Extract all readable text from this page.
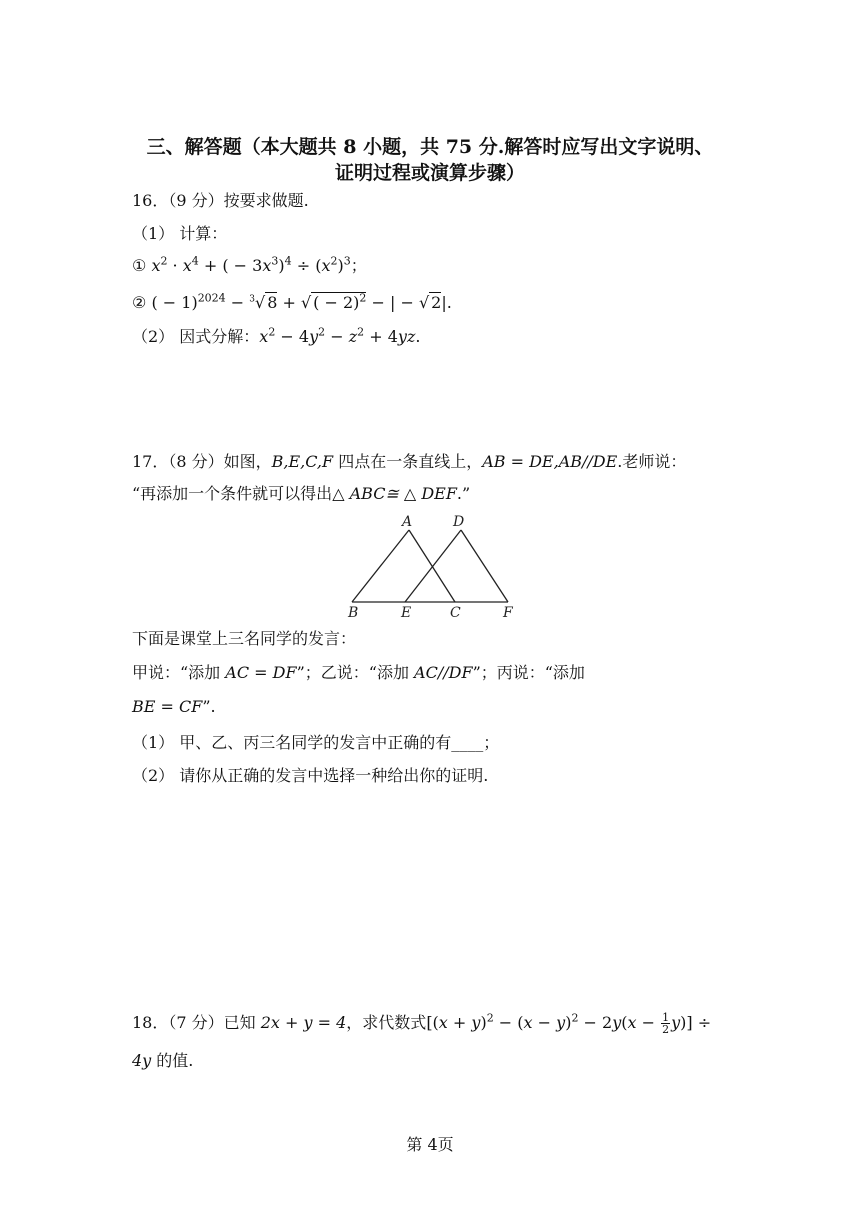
三、解答题（本大题共 8 小题，共 75 分.解答时应写出文字说明、
证明过程或演算步骤）
16．（9 分）按要求做题.
（1） 计算：
① $x^2 \cdot x^4$ + ( − $3x^3)^4 \div (x^2)^3$；
② ( − 1)$^{2024}$ − $^3$√ 8 + √ ( − 2)$^2$ − | − √ 2|.
（2） 因式分解：$x^2 - 4y^2 - z^2 + 4yz$.
17．（8 分）如图，B,E,C,F 四点在一条直线上，AB = DE,AB//DE.老师说：
“再添加一个条件就可以得出△ ABC≅ △ DEF.”
A	D
B	E	C	F
下面是课堂上三名同学的发言：
甲说：“添加 AC = DF”；乙说：“添加 AC//DF”；丙说：“添加
BE = CF”.
（1） 甲、乙、丙三名同学的发言中正确的有____；
（2） 请你从正确的发言中选择一种给出你的证明.
18．（7 分）已知 2x + y = 4，求代数式$[(x + y)^2 - (x - y)^2 - 2y(x - \frac{1}{2} y)]$ ÷
4y 的值.
第 4页
